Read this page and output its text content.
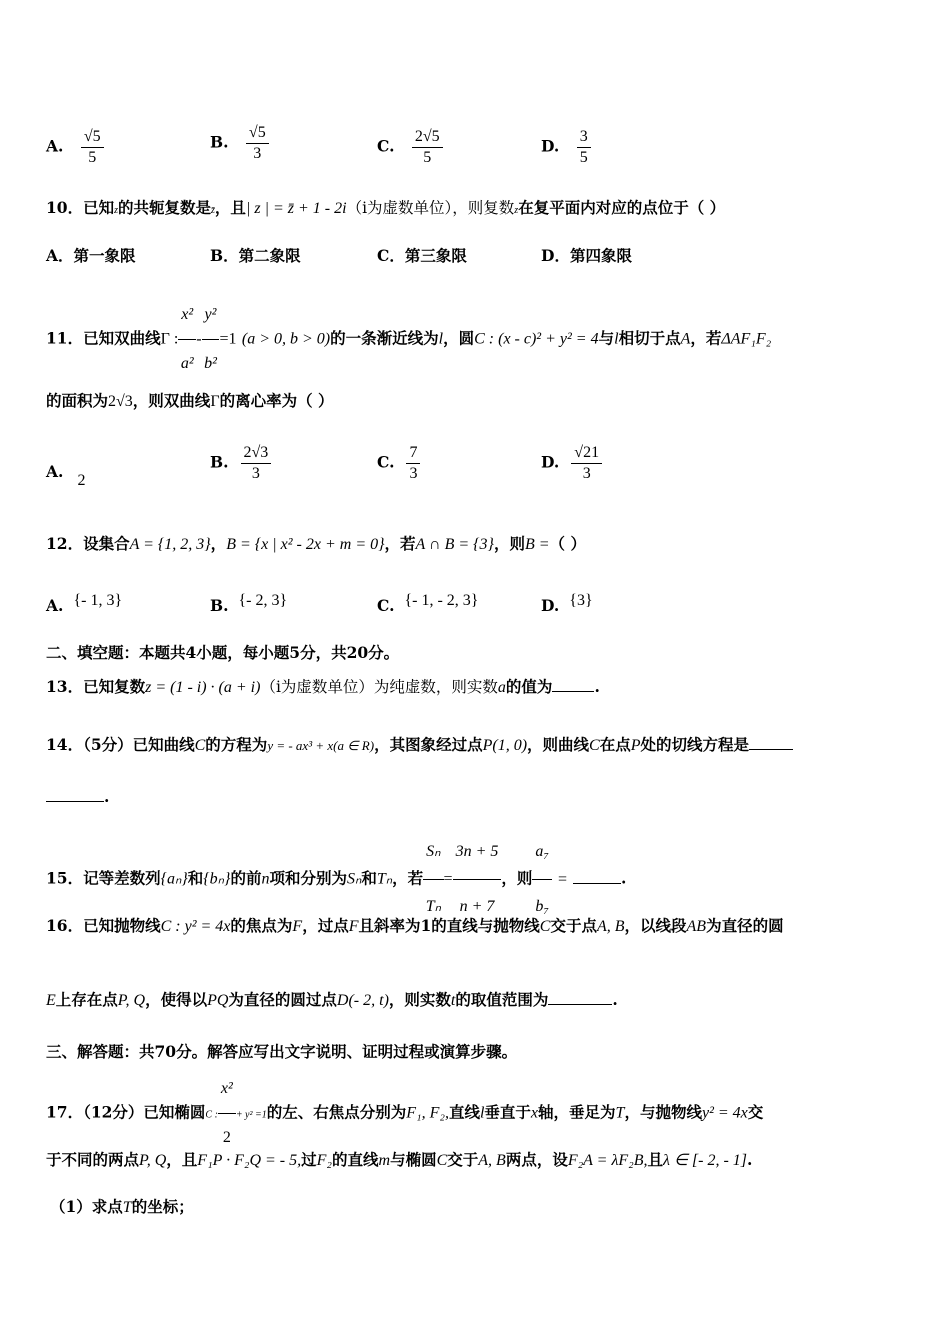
A. $\frac{√5}{5}$	B. $\frac{√5}{3}$	C. $\frac{2√5}{5}$	D. $\frac{3}{5}$
10．已知z的共轭复数是z̄，且| z | = z̄ + 1 - 2i（i为虚数单位），则复数z在复平面内对应的点位于（ ）
A．第一象限	B．第二象限	C．第三象限	D．第四象限
11．已知双曲线Γ : $\frac{\text{x²}}{\text{a²}} - \frac{\text{y²}}{\text{b²}} =1$ (a > 0, b > 0)的一条渐近线为l，圆C : (x - c)² + y² = 4与l相切于点A，若ΔAF₁F₂
的面积为2√3，则双曲线Γ的离心率为（ ）
A. 2
B. $\frac{2√3}{3}$	C. $\frac{7}{3}$	D. $\frac{√21}{3}$
12．设集合A = {1, 2, 3}，B = {x | x² - 2x + m = 0}，若A ∩ B = {3}，则B =（ ）
A. {- 1, 3}	B. {- 2, 3}	C. {- 1, - 2, 3}	D. {3}
二、填空题：本题共4小题，每小题5分，共20分。
13．已知复数z = (1 - i) · (a + i)（i为虚数单位）为纯虚数，则实数a的值为	.
14．（5分）已知曲线C的方程为y = - ax³ + x(a ∈ R)，其图象经过点P(1, 0)，则曲线C在点P处的切线方程是
.
15．记等差数列{aₙ}和{bₙ}的前n项和分别为Sₙ和Tₙ，若 $\frac{\text{Sₙ}}{\text{Tₙ}} = \frac{3n + 5}{n + 7}$ ，则 $\frac{\text{a₇}}{\text{b₇}}$ =	.
16．已知抛物线C : y² = 4x的焦点为F，过点F且斜率为1的直线与抛物线C交于点A, B，以线段AB为直径的圆
E上存在点P, Q，使得以PQ为直径的圆过点D(- 2, t)，则实数t的取值范围为	.
三、解答题：共70分。解答应写出文字说明、证明过程或演算步骤。
17．（12分）已知椭圆C : $\frac{\text{x²}}{2} + y^2 =1$的左、右焦点分别为F₁, F₂,直线l垂直于x轴，垂足为T，与抛物线y² = 4x交
于不同的两点P, Q，且F₁P · F₂Q = - 5,过F₂的直线m与椭圆C交于A, B两点，设F₂A = λF₂B,且λ ∈ [- 2, - 1].
（1）求点T的坐标；
